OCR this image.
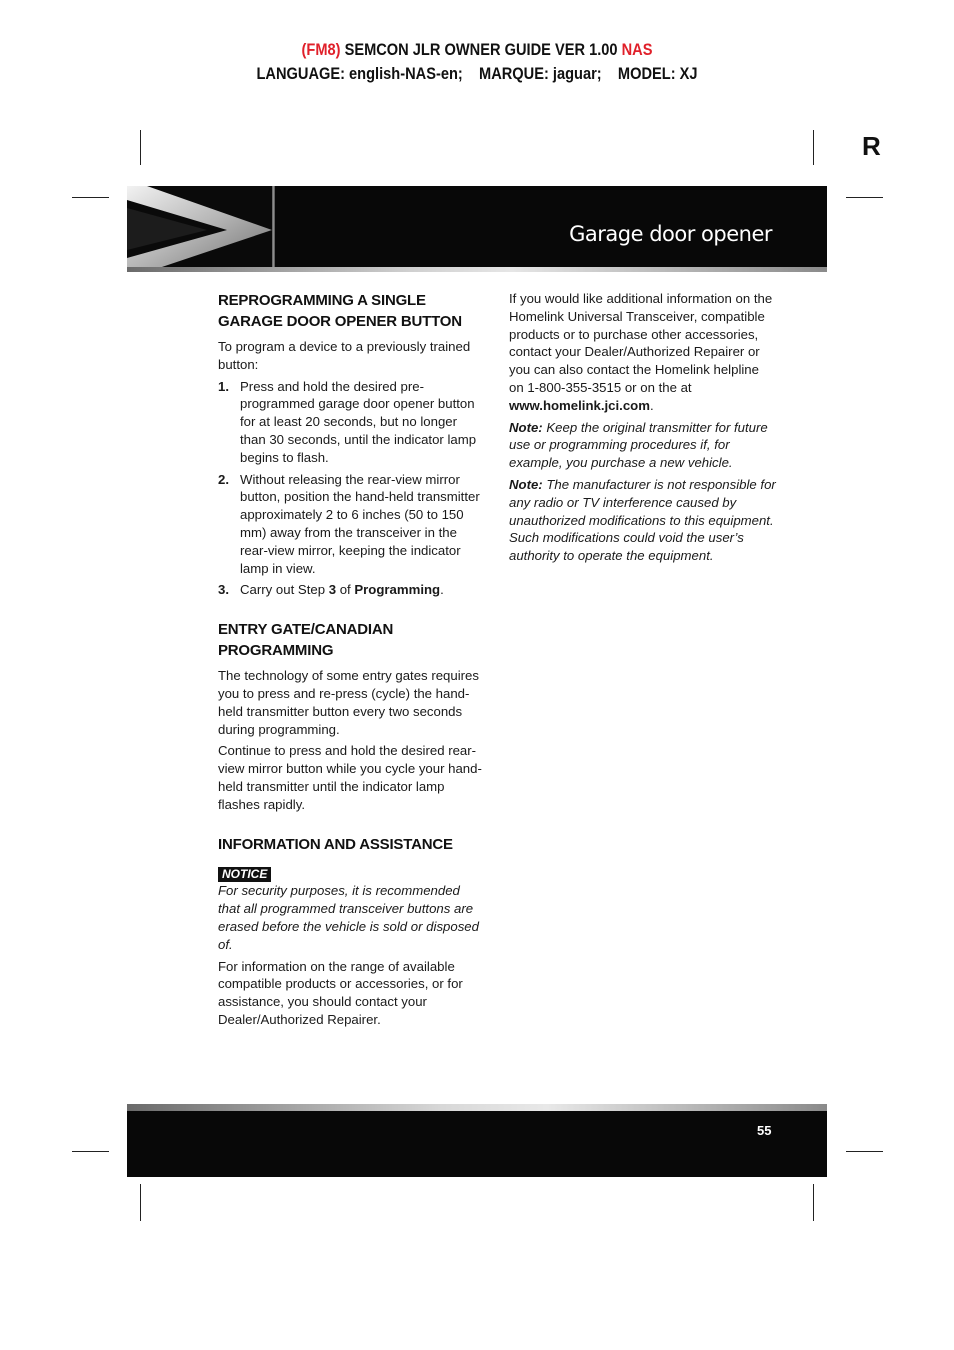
(FM8) SEMCON JLR OWNER GUIDE VER 1.00 NAS
LANGUAGE: english-NAS-en;    MARQUE: jaguar;    MODEL: XJ
R
Garage door opener
REPROGRAMMING A SINGLE
GARAGE DOOR OPENER BUTTON

To program a device to a previously trained button:

1. Press and hold the desired pre-programmed garage door opener button for at least 20 seconds, but no longer than 30 seconds, until the indicator lamp begins to flash.
2. Without releasing the rear-view mirror button, position the hand-held transmitter approximately 2 to 6 inches (50 to 150 mm) away from the transceiver in the rear-view mirror, keeping the indicator lamp in view.
3. Carry out Step 3 of Programming.
ENTRY GATE/CANADIAN
PROGRAMMING

The technology of some entry gates requires you to press and re-press (cycle) the hand-held transmitter button every two seconds during programming.

Continue to press and hold the desired rear-view mirror button while you cycle your hand-held transmitter until the indicator lamp flashes rapidly.

INFORMATION AND ASSISTANCE
NOTICE

For security purposes, it is recommended that all programmed transceiver buttons are erased before the vehicle is sold or disposed of.

For information on the range of available compatible products or accessories, or for assistance, you should contact your Dealer/Authorized Repairer.

If you would like additional information on the Homelink Universal Transceiver, compatible products or to purchase other accessories, contact your Dealer/Authorized Repairer or you can also contact the Homelink helpline on 1-800-355-3515 or on the at
www.homelink.jci.com.

Note: Keep the original transmitter for future use or programming procedures if, for example, you purchase a new vehicle.

Note: The manufacturer is not responsible for any radio or TV interference caused by unauthorized modifications to this equipment. Such modifications could void the user’s authority to operate the equipment.

55
